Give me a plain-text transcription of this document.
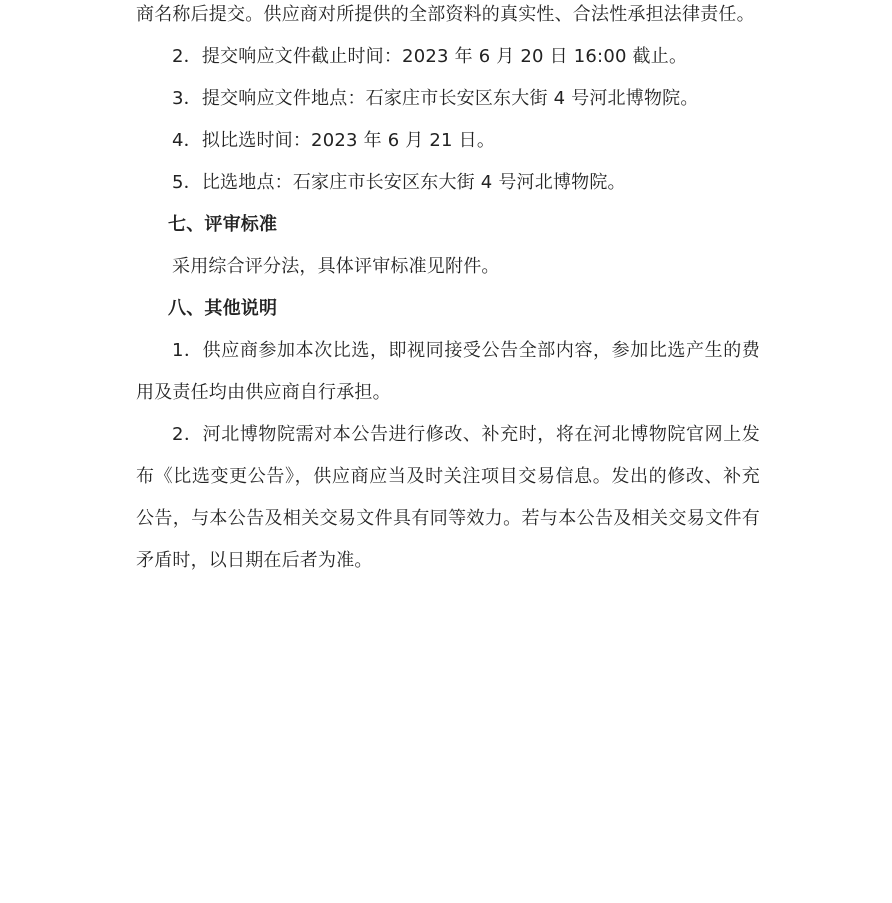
商名称后提交。供应商对所提供的全部资料的真实性、合法性承担法律责任。

2．提交响应文件截止时间：2023 年 6 月 20 日 16:00 截止。

3．提交响应文件地点：石家庄市长安区东大街 4 号河北博物院。

4．拟比选时间：2023 年 6 月 21 日。

5．比选地点：石家庄市长安区东大街 4 号河北博物院。

七、评审标准

采用综合评分法，具体评审标准见附件。

八、其他说明

1．供应商参加本次比选，即视同接受公告全部内容，参加比选产生的费用及责任均由供应商自行承担。

2．河北博物院需对本公告进行修改、补充时，将在河北博物院官网上发布《比选变更公告》，供应商应当及时关注项目交易信息。发出的修改、补充公告，与本公告及相关交易文件具有同等效力。若与本公告及相关交易文件有矛盾时，以日期在后者为准。
